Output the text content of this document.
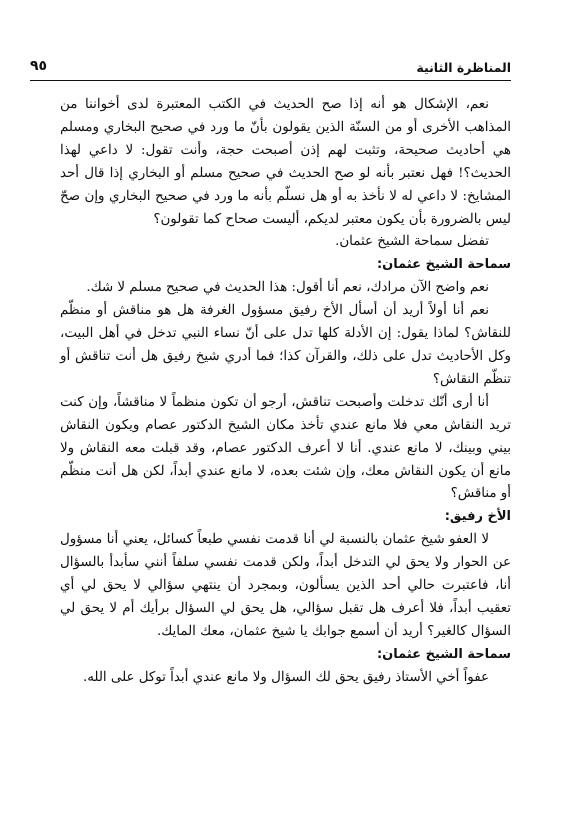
المناظرة الثانية
٩٥

نعم، الإشكال هو أنه إذا صح الحديث في الكتب المعتبرة لدى أخواننا من المذاهب الأخرى أو من السنّة الذين يقولون بأنّ ما ورد في صحيح البخاري ومسلم هي أحاديث صحيحة، وتثبت لهم إذن أصبحت حجة، وأنت تقول: لا داعي لهذا الحديث؟! فهل نعتبر بأنه لو صح الحديث في صحيح مسلم أو البخاري إذا قال أحد المشايخ: لا داعي له لا نأخذ به أو هل نسلّم بأنه ما ورد في صحيح البخاري وإن صحّ ليس بالضرورة بأن يكون معتبر لديكم، أليست صحاح كما تقولون؟

تفضل سماحة الشيخ عثمان.

سماحة الشيخ عثمان:

نعم واضح الآن مرادك، نعم أنا أقول: هذا الحديث في صحيح مسلم لا شك.

نعم أنا أولاً أريد أن أسأل الأخ رفيق مسؤول الغرفة هل هو مناقش أو منظّم للنقاش؟ لماذا يقول: إن الأدلة كلها تدل على أنّ نساء النبي تدخل في أهل البيت، وكل الأحاديث تدل على ذلك، والقرآن كذا؛ فما أدري شيخ رفيق هل أنت تناقش أو تنظّم النقاش؟

أنا أرى أنّك تدخلت وأصبحت تناقش، أرجو أن تكون منظماً لا مناقشاً، وإن كنت تريد النقاش معي فلا مانع عندي تأخذ مكان الشيخ الدكتور عصام ويكون النقاش بيني وبينك، لا مانع عندي. أنا لا أعرف الدكتور عصام، وقد قبلت معه النقاش ولا مانع أن يكون النقاش معك، وإن شئت بعده، لا مانع عندي أبداً، لكن هل أنت منظّم أو مناقش؟

الأخ رفيق:

لا العفو شيخ عثمان بالنسبة لي أنا قدمت نفسي طبعاً كسائل، يعني أنا مسؤول عن الحوار ولا يحق لي التدخل أبداً، ولكن قدمت نفسي سلفاً أنني سأبدأ بالسؤال أنا، فاعتبرت حالي أحد الذين يسألون، وبمجرد أن ينتهي سؤالي لا يحق لي أي تعقيب أبداً، فلا أعرف هل تقبل سؤالي، هل يحق لي السؤال برأيك أم لا يحق لي السؤال كالغير؟ أريد أن أسمع جوابك يا شيخ عثمان، معك المايك.

سماحة الشيخ عثمان:

عفواً أخي الأستاذ رفيق يحق لك السؤال ولا مانع عندي أبداً توكل على الله.
